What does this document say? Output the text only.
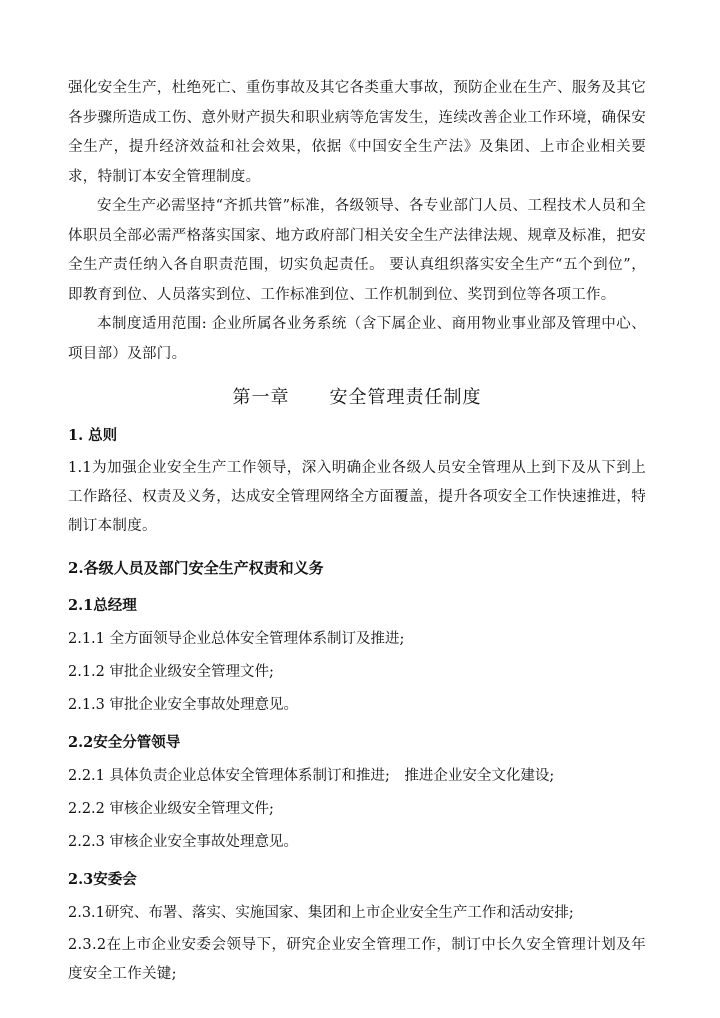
强化安全生产，杜绝死亡、重伤事故及其它各类重大事故，预防企业在生产、服务及其它各步骤所造成工伤、意外财产损失和职业病等危害发生，连续改善企业工作环境，确保安全生产，提升经济效益和社会效果，依据《中国安全生产法》及集团、上市企业相关要求，特制订本安全管理制度。

安全生产必需坚持“齐抓共管”标准，各级领导、各专业部门人员、工程技术人员和全体职员全部必需严格落实国家、地方政府部门相关安全生产法律法规、规章及标准，把安全生产责任纳入各自职责范围，切实负起责任。 要认真组织落实安全生产“五个到位”，即教育到位、人员落实到位、工作标准到位、工作机制到位、奖罚到位等各项工作。

本制度适用范围: 企业所属各业务系统（含下属企业、商用物业事业部及管理中心、项目部）及部门。

第一章 安全管理责任制度
1. 总则

1.1为加强企业安全生产工作领导，深入明确企业各级人员安全管理从上到下及从下到上工作路径、权责及义务，达成安全管理网络全方面覆盖，提升各项安全工作快速推进，特制订本制度。

2.各级人员及部门安全生产权责和义务
2.1总经理
2.1.1 全方面领导企业总体安全管理体系制订及推进;
2.1.2 审批企业级安全管理文件;
2.1.3 审批企业安全事故处理意见。
2.2安全分管领导
2.2.1 具体负责企业总体安全管理体系制订和推进;　推进企业安全文化建设;
2.2.2 审核企业级安全管理文件;
2.2.3 审核企业安全事故处理意见。
2.3安委会
2.3.1研究、布署、落实、实施国家、集团和上市企业安全生产工作和活动安排;

2.3.2在上市企业安委会领导下，研究企业安全管理工作，制订中长久安全管理计划及年度安全工作关键;
